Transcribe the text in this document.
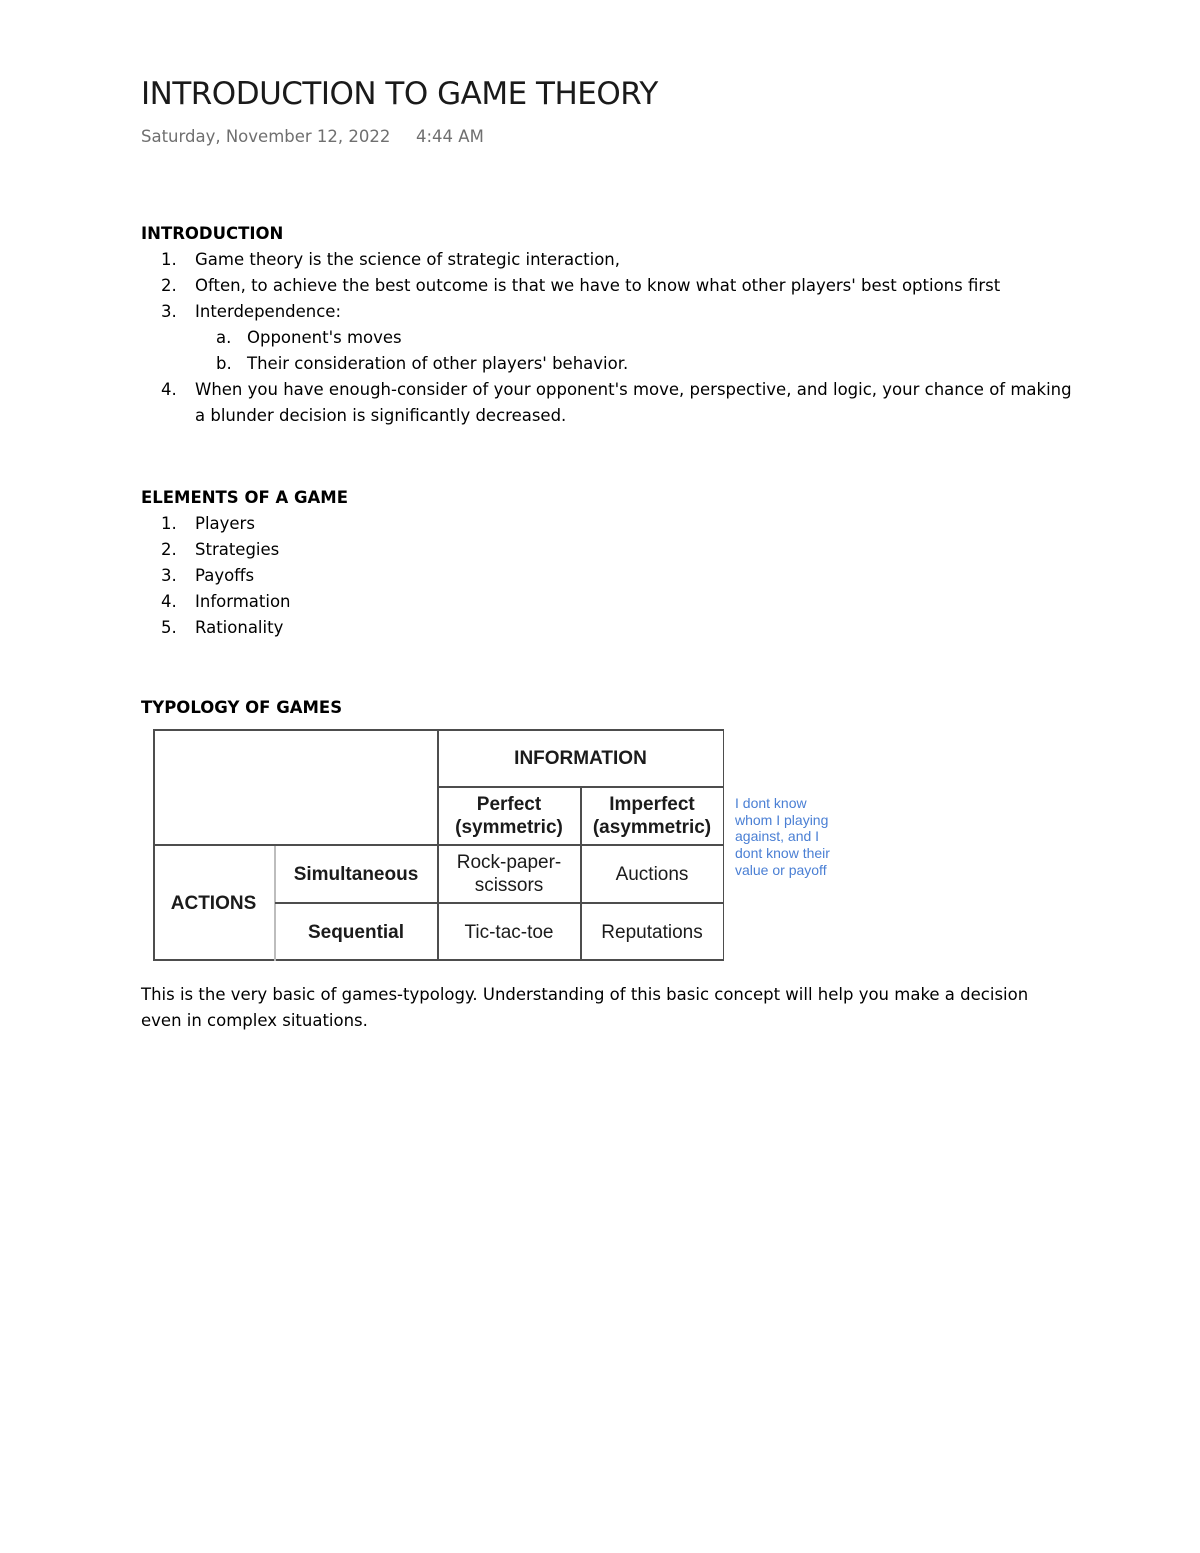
INTRODUCTION TO GAME THEORY
Saturday, November 12, 2022 4:44 AM

INTRODUCTION

1. Game theory is the science of strategic interaction,
2. Often, to achieve the best outcome is that we have to know what other players' best options first
3. Interdependence:
a. Opponent's moves
b. Their consideration of other players' behavior.
4. When you have enough-consider of your opponent's move, perspective, and logic, your chance of making a blunder decision is significantly decreased.

ELEMENTS OF A GAME

1. Players
2. Strategies
3. Payoffs
4. Information
5. Rationality

TYPOLOGY OF GAMES

INFORMATION
Perfect (symmetric)
Imperfect (asymmetric)
ACTIONS
Simultaneous
Sequential
Rock-paper-scissors
Auctions
Tic-tac-toe	Reputations
I dont know whom I playing against, and I dont know their value or payoff

This is the very basic of games-typology. Understanding of this basic concept will help you make a decision even in complex situations.
